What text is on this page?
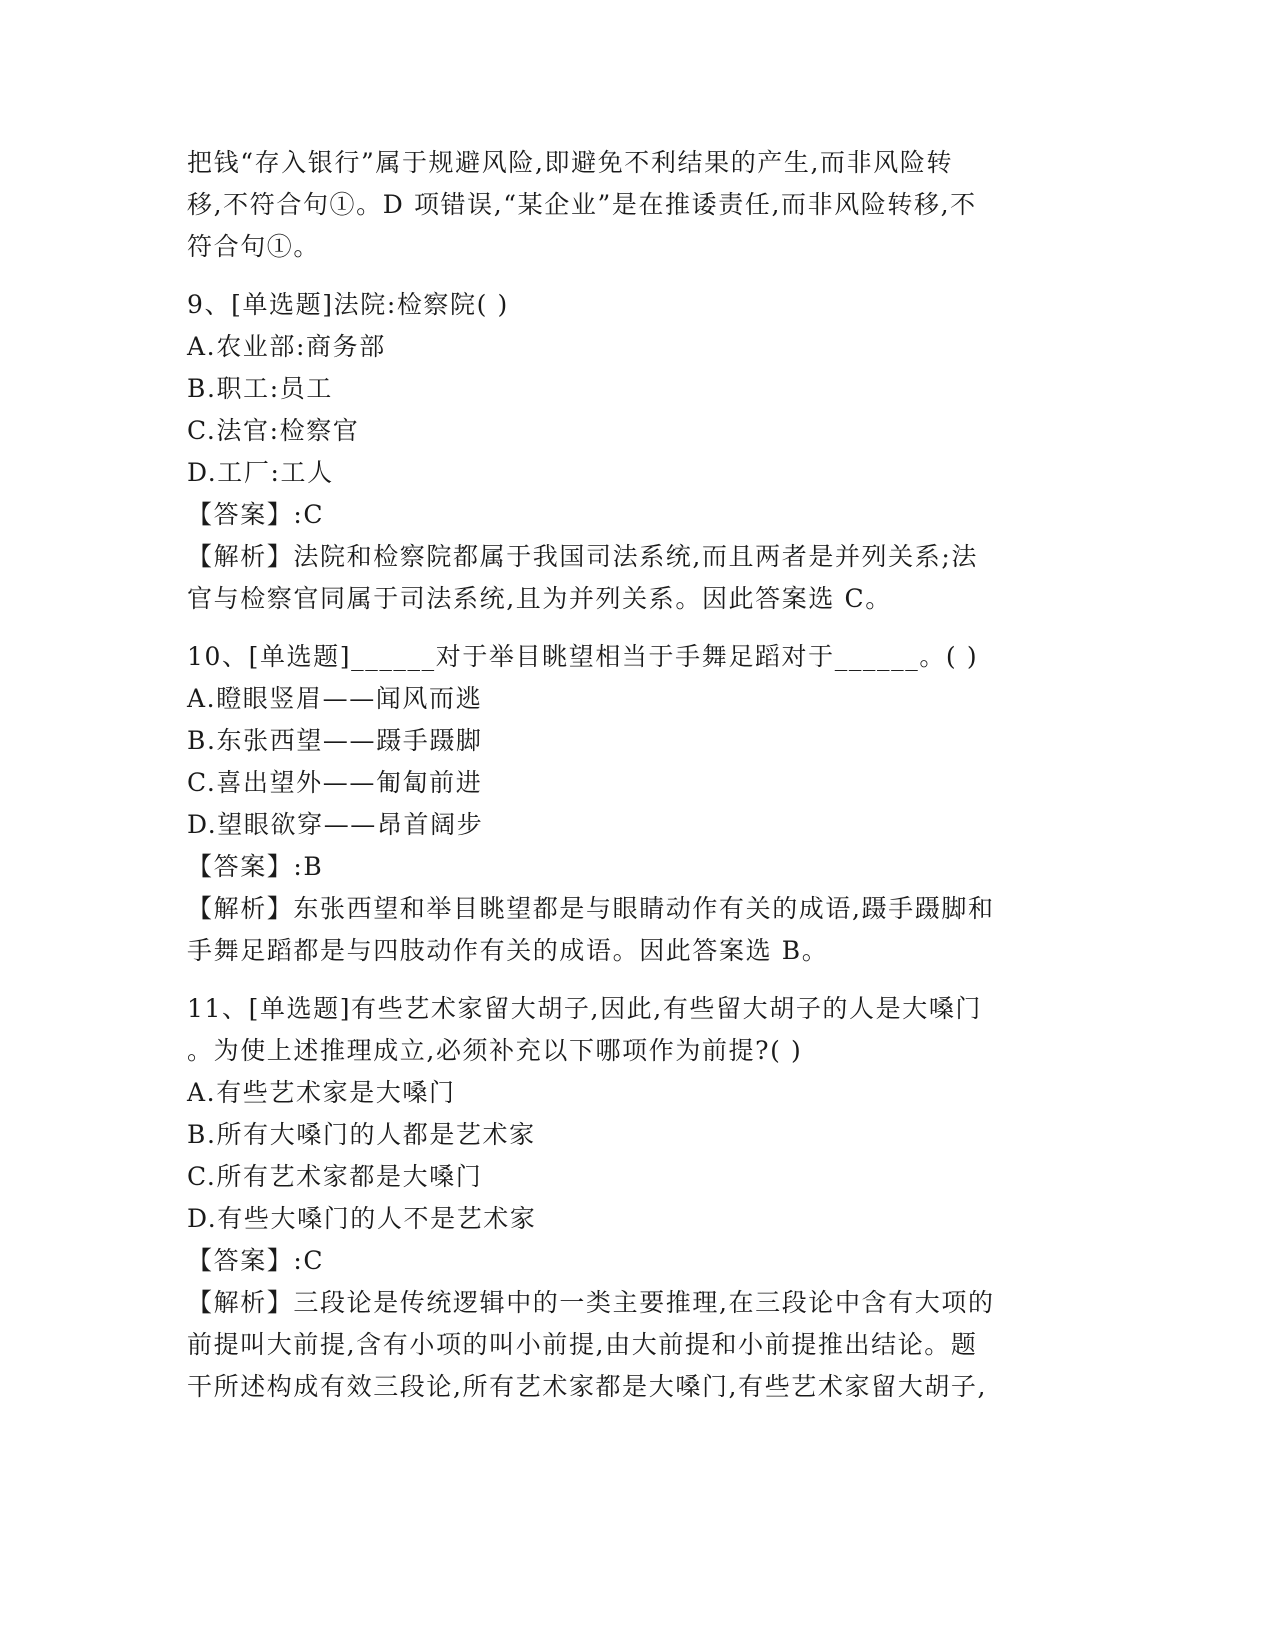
把钱“存入银行”属于规避风险,即避免不利结果的产生,而非风险转
移,不符合句①。D 项错误,“某企业”是在推诿责任,而非风险转移,不
符合句①。
9、[单选题]法院:检察院( )
A.农业部:商务部
B.职工:员工
C.法官:检察官
D.工厂:工人
【答案】:C
【解析】法院和检察院都属于我国司法系统,而且两者是并列关系;法
官与检察官同属于司法系统,且为并列关系。因此答案选 C。
10、[单选题]______对于举目眺望相当于手舞足蹈对于______。( )
A.瞪眼竖眉——闻风而逃
B.东张西望——蹑手蹑脚
C.喜出望外——匍匐前进
D.望眼欲穿——昂首阔步
【答案】:B
【解析】东张西望和举目眺望都是与眼睛动作有关的成语,蹑手蹑脚和
手舞足蹈都是与四肢动作有关的成语。因此答案选 B。
11、[单选题]有些艺术家留大胡子,因此,有些留大胡子的人是大嗓门
。为使上述推理成立,必须补充以下哪项作为前提?( )
A.有些艺术家是大嗓门
B.所有大嗓门的人都是艺术家
C.所有艺术家都是大嗓门
D.有些大嗓门的人不是艺术家
【答案】:C
【解析】三段论是传统逻辑中的一类主要推理,在三段论中含有大项的
前提叫大前提,含有小项的叫小前提,由大前提和小前提推出结论。题
干所述构成有效三段论,所有艺术家都是大嗓门,有些艺术家留大胡子,
